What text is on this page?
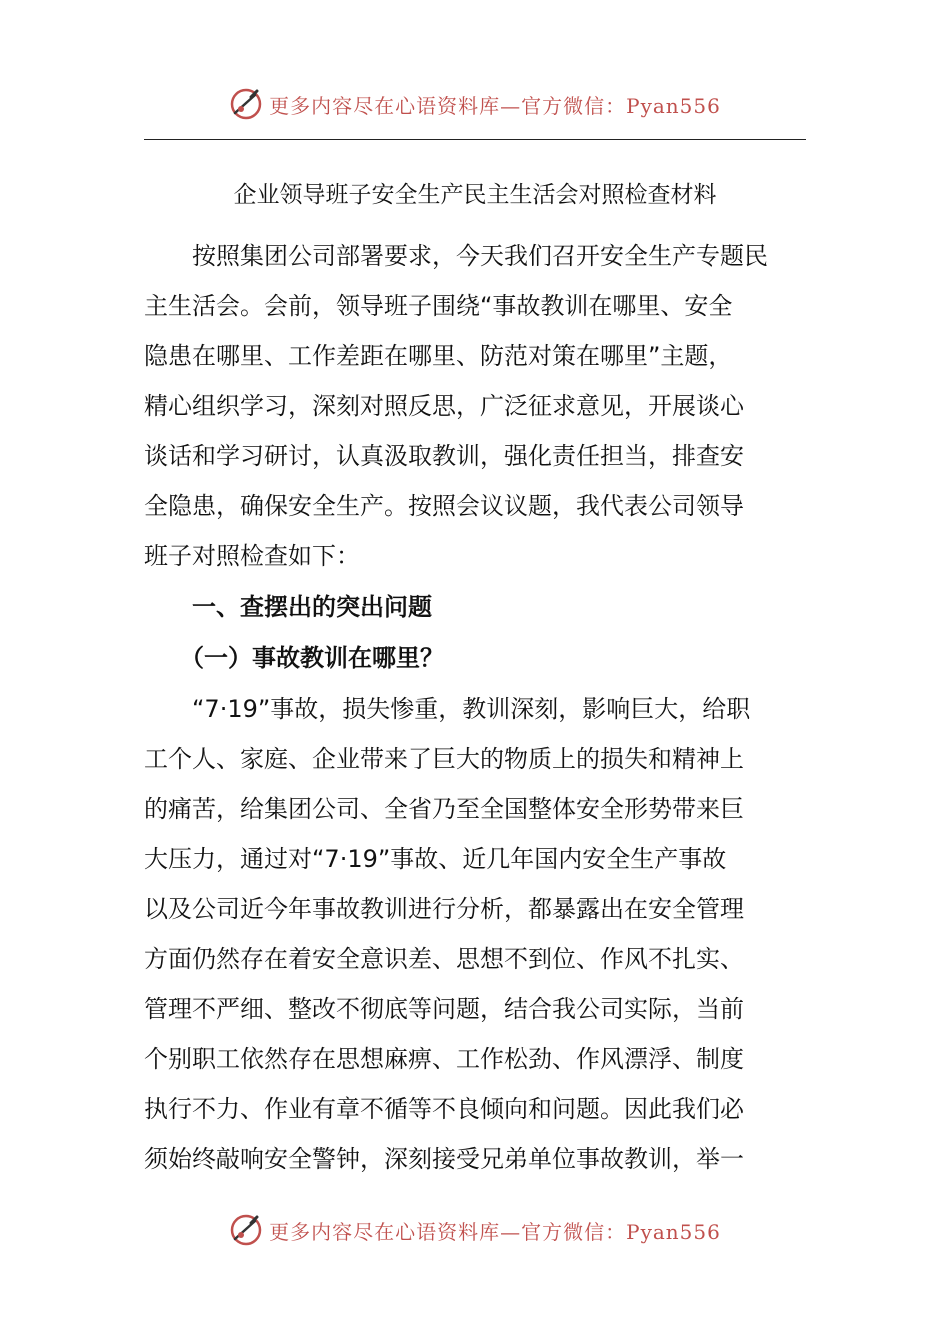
更多内容尽在心语资料库—官方微信：Pyan556
企业领导班子安全生产民主生活会对照检查材料
　　按照集团公司部署要求，今天我们召开安全生产专题民
主生活会。会前，领导班子围绕“事故教训在哪里、安全
隐患在哪里、工作差距在哪里、防范对策在哪里”主题，
精心组织学习，深刻对照反思，广泛征求意见，开展谈心
谈话和学习研讨，认真汲取教训，强化责任担当，排查安
全隐患，确保安全生产。按照会议议题，我代表公司领导
班子对照检查如下：
　　一、查摆出的突出问题
　　（一）事故教训在哪里？
　　“7·19”事故，损失惨重，教训深刻，影响巨大，给职
工个人、家庭、企业带来了巨大的物质上的损失和精神上
的痛苦，给集团公司、全省乃至全国整体安全形势带来巨
大压力，通过对“7·19”事故、近几年国内安全生产事故
以及公司近今年事故教训进行分析，都暴露出在安全管理
方面仍然存在着安全意识差、思想不到位、作风不扎实、
管理不严细、整改不彻底等问题，结合我公司实际，当前
个别职工依然存在思想麻痹、工作松劲、作风漂浮、制度
执行不力、作业有章不循等不良倾向和问题。因此我们必
须始终敲响安全警钟，深刻接受兄弟单位事故教训，举一
更多内容尽在心语资料库—官方微信：Pyan556
